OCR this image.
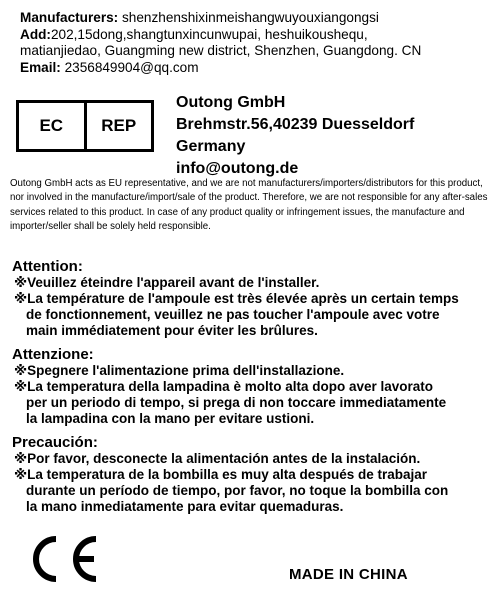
Manufacturers: shenzhenshixinmeishangwuyouxiangongsi
Add:202,15dong,shangtunxincunwupai, heshuikoushequ,
matianjiedao, Guangming new district, Shenzhen, Guangdong. CN
Email: 2356849904@qq.com
EC	REP
Outong GmbH
Brehmstr.56,40239 Duesseldorf
Germany
info@outong.de
Outong GmbH acts as EU representative, and we are not manufacturers/importers/distributors for this product, nor involved in the manufacture/import/sale of the product. Therefore, we are not responsible for any after-sales services related to this product. In case of any product quality or infringement issues, the manufacture and importer/seller shall be solely held responsible.
Attention:
※Veuillez éteindre l'appareil avant de l'installer.
※La température de l'ampoule est très élevée après un certain temps
de fonctionnement, veuillez ne pas toucher l'ampoule avec votre
main immédiatement pour éviter les brûlures.
Attenzione:
※Spegnere l'alimentazione prima dell'installazione.
※La temperatura della lampadina è molto alta dopo aver lavorato
per un periodo di tempo, si prega di non toccare immediatamente
la lampadina con la mano per evitare ustioni.
Precaución:
※Por favor, desconecte la alimentación antes de la instalación.
※La temperatura de la bombilla es muy alta después de trabajar
durante un período de tiempo, por favor, no toque la bombilla con
la mano inmediatamente para evitar quemaduras.
MADE IN CHINA
